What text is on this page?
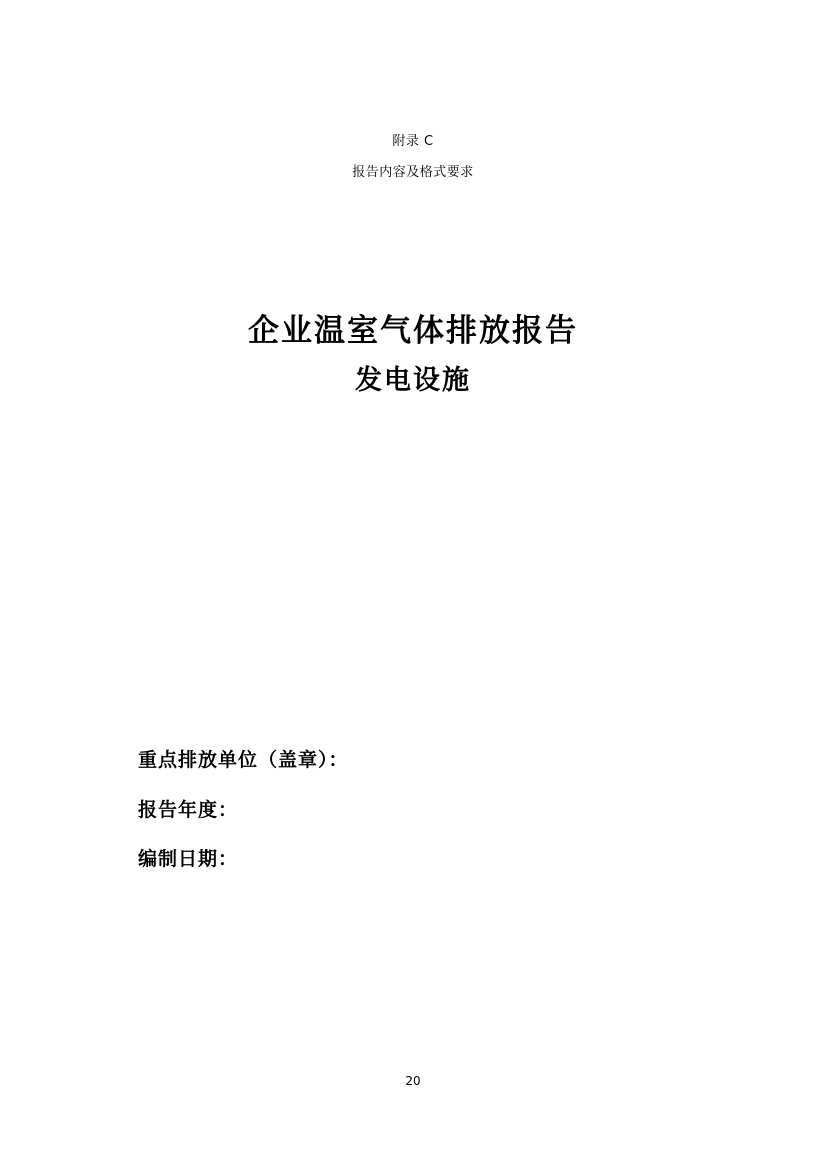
附录 C
报告内容及格式要求
企业温室气体排放报告
发电设施
重点排放单位（盖章）：
报告年度：
编制日期：
20
